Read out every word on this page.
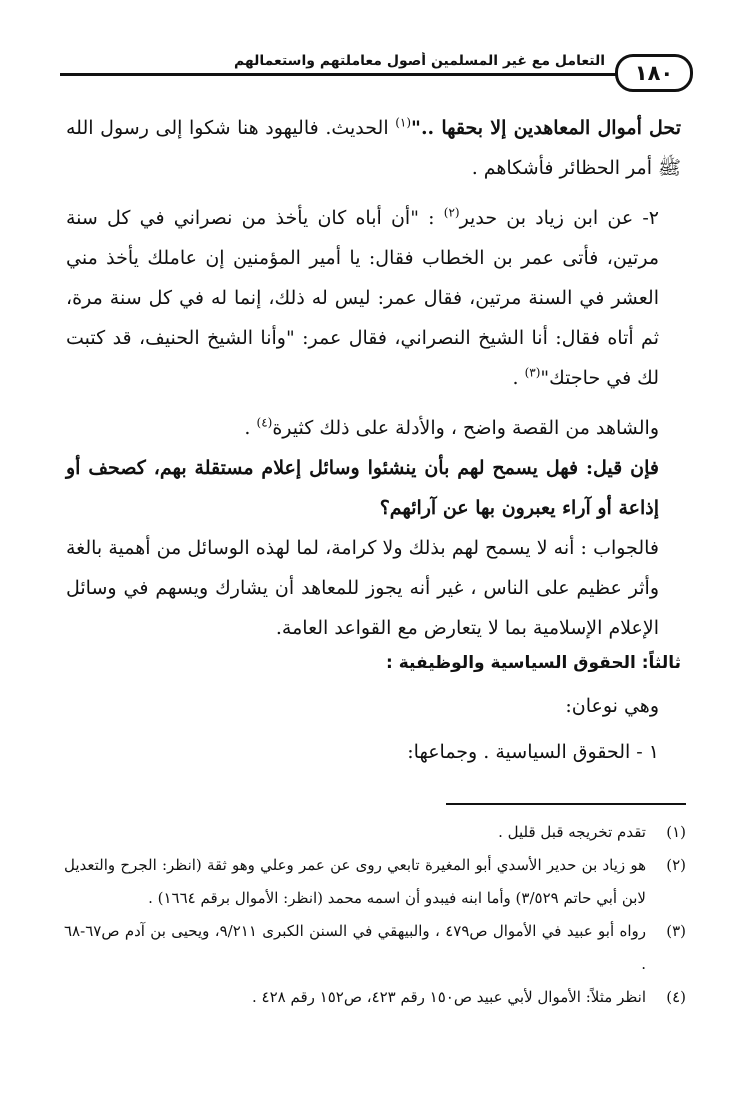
التعامل مع غير المسلمين أصول معاملتهم واستعمالهم	١٨٠

تحل أموال المعاهدين إلا بحقها .."$^{(١)}$ الحديث. فاليهود هنا شكوا إلى رسول الله ﷺ أمر الحظائر فأشكاهم .

٢- عن ابن زياد بن حدير$^{(٢)}$ : "أن أباه كان يأخذ من نصراني في كل سنة مرتين، فأتى عمر بن الخطاب فقال: يا أمير المؤمنين إن عاملك يأخذ مني العشر في السنة مرتين، فقال عمر: ليس له ذلك، إنما له في كل سنة مرة، ثم أتاه فقال: أنا الشيخ النصراني، فقال عمر: "وأنا الشيخ الحنيف، قد كتبت لك في حاجتك"$^{(٣)}$ .

والشاهد من القصة واضح ، والأدلة على ذلك كثيرة$^{(٤)}$ .

فإن قيل: فهل يسمح لهم بأن ينشئوا وسائل إعلام مستقلة بهم، كصحف أو إذاعة أو آراء يعبرون بها عن آرائهم؟

فالجواب : أنه لا يسمح لهم بذلك ولا كرامة، لما لهذه الوسائل من أهمية بالغة وأثر عظيم على الناس ، غير أنه يجوز للمعاهد أن يشارك ويسهم في وسائل الإعلام الإسلامية بما لا يتعارض مع القواعد العامة.

ثالثاً: الحقوق السياسية والوظيفية :

وهي نوعان:

١ - الحقوق السياسية . وجماعها:

(١)
تقدم تخريجه قبل قليل .
(٢)
هو زياد بن حدير الأسدي أبو المغيرة تابعي روى عن عمر وعلي وهو ثقة (انظر: الجرح والتعديل لابن أبي حاتم ٣/٥٢٩) وأما ابنه فيبدو أن اسمه محمد (انظر: الأموال برقم ١٦٦٤) .
(٣)
رواه أبو عبيد في الأموال ص٤٧٩ ، والبيهقي في السنن الكبرى ٩/٢١١، ويحيى بن آدم ص٦٧-٦٨ .
(٤)
انظر مثلاً: الأموال لأبي عبيد ص١٥٠ رقم ٤٢٣، ص١٥٢ رقم ٤٢٨ .
